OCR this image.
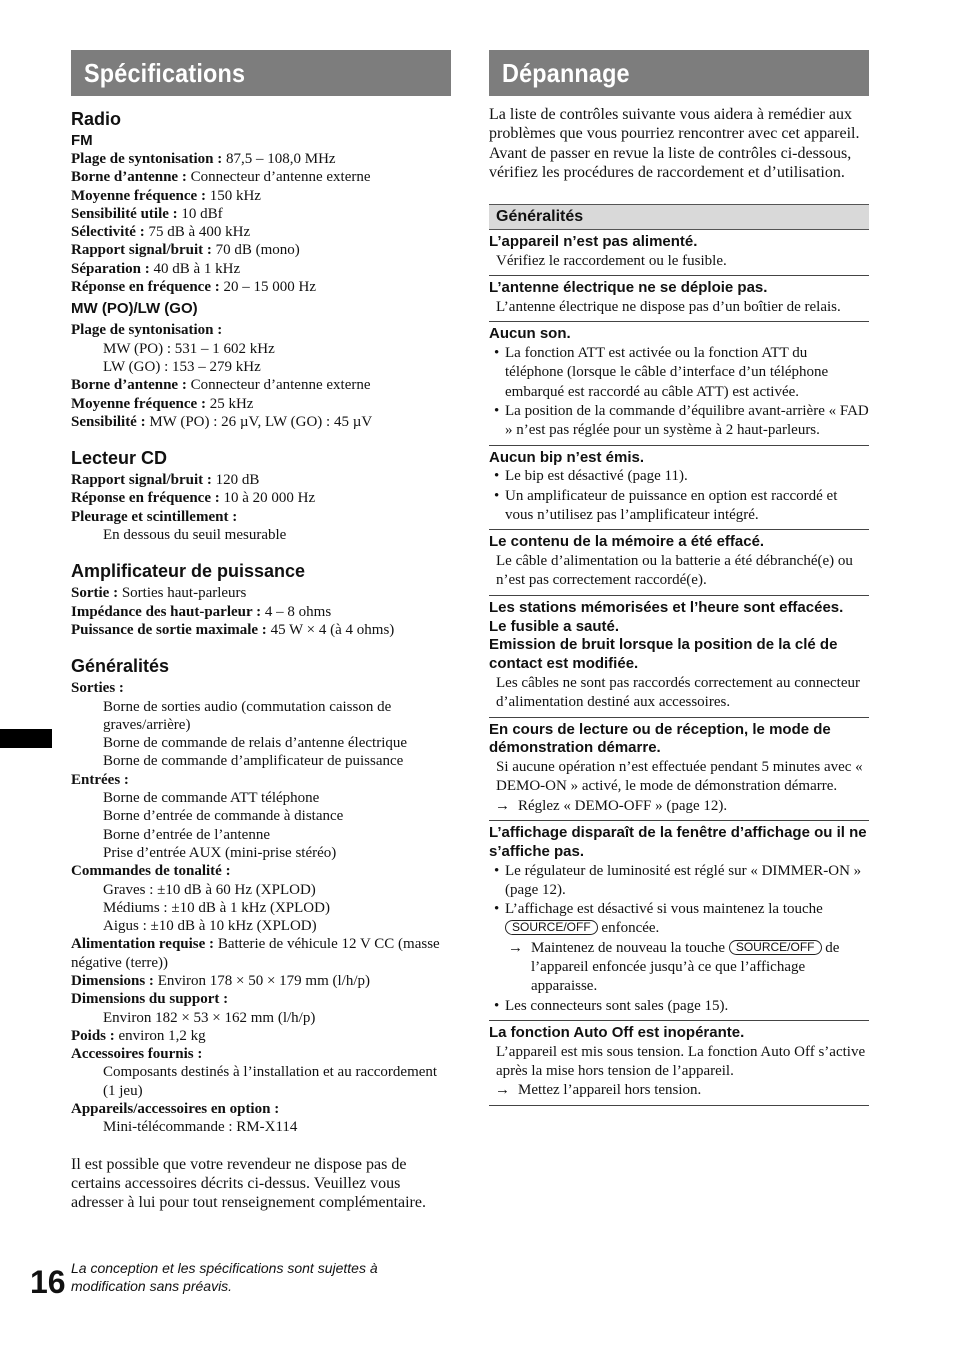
Spécifications
Radio
FM
Plage de syntonisation : 87,5 – 108,0 MHz
Borne d’antenne : Connecteur d’antenne externe
Moyenne fréquence : 150 kHz
Sensibilité utile : 10 dBf
Sélectivité : 75 dB à 400 kHz
Rapport signal/bruit : 70 dB (mono)
Séparation : 40 dB à 1 kHz
Réponse en fréquence : 20 – 15 000 Hz
MW (PO)/LW (GO)
Plage de syntonisation :
MW (PO) : 531 – 1 602 kHz
LW (GO) : 153 – 279 kHz
Borne d’antenne : Connecteur d’antenne externe
Moyenne fréquence : 25 kHz
Sensibilité : MW (PO) : 26 µV, LW (GO) : 45 µV
Lecteur CD
Rapport signal/bruit : 120 dB
Réponse en fréquence : 10 à 20 000 Hz
Pleurage et scintillement :
En dessous du seuil mesurable
Amplificateur de puissance
Sortie : Sorties haut-parleurs
Impédance des haut-parleur : 4 – 8 ohms
Puissance de sortie maximale : 45 W × 4 (à 4 ohms)
Généralités
Sorties :
Borne de sorties audio (commutation caisson de graves/arrière)
Borne de commande de relais d’antenne électrique
Borne de commande d’amplificateur de puissance
Entrées :
Borne de commande ATT téléphone
Borne d’entrée de commande à distance
Borne d’entrée de l’antenne
Prise d’entrée AUX (mini-prise stéréo)
Commandes de tonalité :
Graves : ±10 dB à 60 Hz (XPLOD)
Médiums : ±10 dB à 1 kHz (XPLOD)
Aigus : ±10 dB à 10 kHz (XPLOD)
Alimentation requise : Batterie de véhicule 12 V CC (masse négative (terre))
Dimensions : Environ 178 × 50 × 179 mm (l/h/p)
Dimensions du support :
Environ 182 × 53 × 162 mm (l/h/p)
Poids : environ 1,2 kg
Accessoires fournis :
Composants destinés à l’installation et au raccordement (1 jeu)
Appareils/accessoires en option :
Mini-télécommande : RM-X114
Il est possible que votre revendeur ne dispose pas de certains accessoires décrits ci-dessus. Veuillez vous adresser à lui pour tout renseignement complémentaire.
16 La conception et les spécifications sont sujettes à modification sans préavis.
Dépannage
La liste de contrôles suivante vous aidera à remédier aux problèmes que vous pourriez rencontrer avec cet appareil.
Avant de passer en revue la liste de contrôles ci-dessous, vérifiez les procédures de raccordement et d’utilisation.
Généralités
L’appareil n’est pas alimenté.
Vérifiez le raccordement ou le fusible.
L’antenne électrique ne se déploie pas.
L’antenne électrique ne dispose pas d’un boîtier de relais.
Aucun son.
• La fonction ATT est activée ou la fonction ATT du téléphone (lorsque le câble d’interface d’un téléphone embarqué est raccordé au câble ATT) est activée.
• La position de la commande d’équilibre avant-arrière « FAD » n’est pas réglée pour un système à 2 haut-parleurs.
Aucun bip n’est émis.
• Le bip est désactivé (page 11).
• Un amplificateur de puissance en option est raccordé et vous n’utilisez pas l’amplificateur intégré.
Le contenu de la mémoire a été effacé.
Le câble d’alimentation ou la batterie a été débranché(e) ou n’est pas correctement raccordé(e).
Les stations mémorisées et l’heure sont effacées.
Le fusible a sauté.
Emission de bruit lorsque la position de la clé de contact est modifiée.
Les câbles ne sont pas raccordés correctement au connecteur d’alimentation destiné aux accessoires.
En cours de lecture ou de réception, le mode de démonstration démarre.
Si aucune opération n’est effectuée pendant 5 minutes avec « DEMO-ON » activé, le mode de démonstration démarre.
→ Réglez « DEMO-OFF » (page 12).
L’affichage disparaît de la fenêtre d’affichage ou il ne s’affiche pas.
• Le régulateur de luminosité est réglé sur « DIMMER-ON » (page 12).
• L’affichage est désactivé si vous maintenez la touche SOURCE/OFF enfoncée.
→ Maintenez de nouveau la touche SOURCE/OFF de l’appareil enfoncée jusqu’à ce que l’affichage apparaisse.
• Les connecteurs sont sales (page 15).
La fonction Auto Off est inopérante.
L’appareil est mis sous tension. La fonction Auto Off s’active après la mise hors tension de l’appareil.
→ Mettez l’appareil hors tension.
